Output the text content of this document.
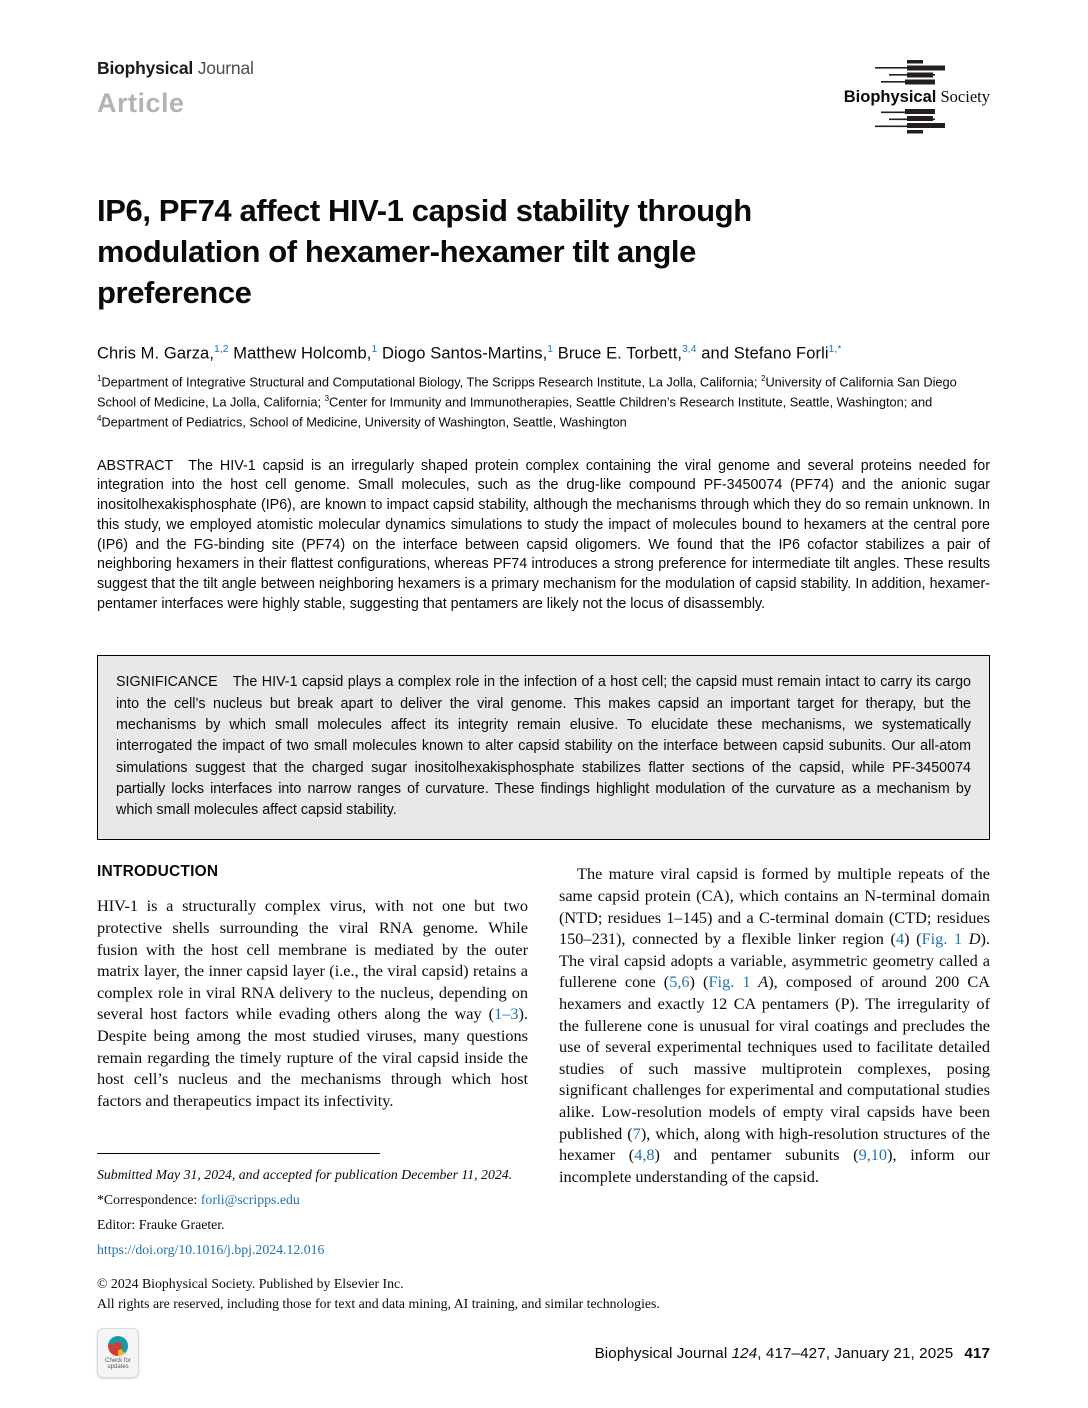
Biophysical Journal
Article	Biophysical Society
IP6, PF74 affect HIV-1 capsid stability through
modulation of hexamer-hexamer tilt angle
preference
Chris M. Garza,$^{1,2}$ Matthew Holcomb,$^1$ Diogo Santos-Martins,$^1$ Bruce E. Torbett,$^{3,4}$ and Stefano Forli$^{1,*}$
$^1$Department of Integrative Structural and Computational Biology, The Scripps Research Institute, La Jolla, California; $^2$University of California San Diego School of Medicine, La Jolla, California; $^3$Center for Immunity and Immunotherapies, Seattle Children’s Research Institute, Seattle, Washington; and $^4$Department of Pediatrics, School of Medicine, University of Washington, Seattle, Washington

ABSTRACT The HIV-1 capsid is an irregularly shaped protein complex containing the viral genome and several proteins needed for integration into the host cell genome. Small molecules, such as the drug-like compound PF-3450074 (PF74) and the anionic sugar inositolhexakisphosphate (IP6), are known to impact capsid stability, although the mechanisms through which they do so remain unknown. In this study, we employed atomistic molecular dynamics simulations to study the impact of molecules bound to hexamers at the central pore (IP6) and the FG-binding site (PF74) on the interface between capsid oligomers. We found that the IP6 cofactor stabilizes a pair of neighboring hexamers in their flattest configurations, whereas PF74 introduces a strong preference for intermediate tilt angles. These results suggest that the tilt angle between neighboring hexamers is a primary mechanism for the modulation of capsid stability. In addition, hexamer-pentamer interfaces were highly stable, suggesting that pentamers are likely not the locus of disassembly.

SIGNIFICANCE The HIV-1 capsid plays a complex role in the infection of a host cell; the capsid must remain intact to carry its cargo into the cell’s nucleus but break apart to deliver the viral genome. This makes capsid an important target for therapy, but the mechanisms by which small molecules affect its integrity remain elusive. To elucidate these mechanisms, we systematically interrogated the impact of two small molecules known to alter capsid stability on the interface between capsid subunits. Our all-atom simulations suggest that the charged sugar inositolhexakisphosphate stabilizes flatter sections of the capsid, while PF-3450074 partially locks interfaces into narrow ranges of curvature. These findings highlight modulation of the curvature as a mechanism by which small molecules affect capsid stability.
INTRODUCTION

HIV-1 is a structurally complex virus, with not one but two protective shells surrounding the viral RNA genome. While fusion with the host cell membrane is mediated by the outer matrix layer, the inner capsid layer (i.e., the viral capsid) retains a complex role in viral RNA delivery to the nucleus, depending on several host factors while evading others along the way (1–3). Despite being among the most studied viruses, many questions remain regarding the timely rupture of the viral capsid inside the host cell’s nucleus and the mechanisms through which host factors and therapeutics impact its infectivity.

Submitted May 31, 2024, and accepted for publication December 11, 2024.

*Correspondence: forli@scripps.edu

Editor: Frauke Graeter.

https://doi.org/10.1016/j.bpj.2024.12.016

The mature viral capsid is formed by multiple repeats of the same capsid protein (CA), which contains an N-terminal domain (NTD; residues 1–145) and a C-terminal domain (CTD; residues 150–231), connected by a flexible linker region (4) (Fig. 1 D). The viral capsid adopts a variable, asymmetric geometry called a fullerene cone (5,6) (Fig. 1 A), composed of around 200 CA hexamers and exactly 12 CA pentamers (P). The irregularity of the fullerene cone is unusual for viral coatings and precludes the use of several experimental techniques used to facilitate detailed studies of such massive multiprotein complexes, posing significant challenges for experimental and computational studies alike. Low-resolution models of empty viral capsids have been published (7), which, along with high-resolution structures of the hexamer (4,8) and pentamer subunits (9,10), inform our incomplete understanding of the capsid.

© 2024 Biophysical Society. Published by Elsevier Inc.
All rights are reserved, including those for text and data mining, AI training, and similar technologies.
Check for updates
Biophysical Journal 124, 417–427, January 21, 2025 417
